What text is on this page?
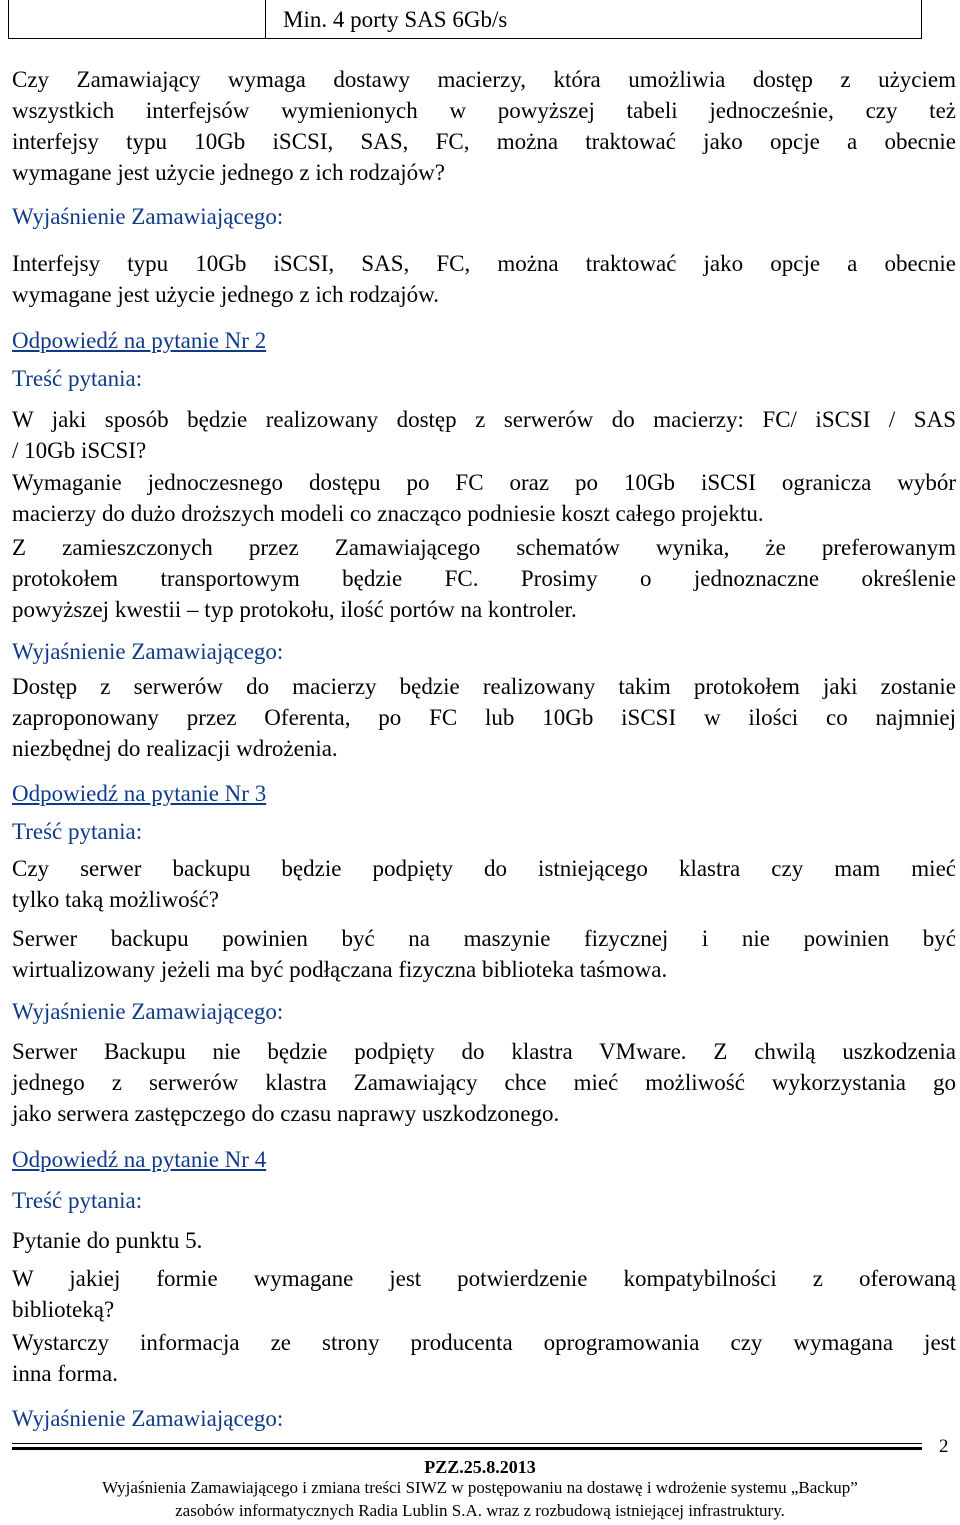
Min. 4 porty SAS 6Gb/s

Czy Zamawiający wymaga dostawy macierzy, która umożliwia dostęp z użyciem
wszystkich interfejsów wymienionych w powyższej tabeli jednocześnie, czy też
interfejsy typu 10Gb iSCSI, SAS, FC, można traktować jako opcje a obecnie
wymagane jest użycie jednego z ich rodzajów?

Wyjaśnienie Zamawiającego:

Interfejsy typu 10Gb iSCSI, SAS, FC, można traktować jako opcje a obecnie
wymagane jest użycie jednego z ich rodzajów.

Odpowiedź na pytanie Nr 2

Treść pytania:

W jaki sposób będzie realizowany dostęp z serwerów do macierzy: FC/ iSCSI / SAS
/ 10Gb iSCSI?

Wymaganie jednoczesnego dostępu po FC oraz po 10Gb iSCSI ogranicza wybór
macierzy do dużo droższych modeli co znacząco podniesie koszt całego projektu.

Z zamieszczonych przez Zamawiającego schematów wynika, że preferowanym
protokołem transportowym będzie FC. Prosimy o jednoznaczne określenie
powyższej kwestii – typ protokołu, ilość portów na kontroler.

Wyjaśnienie Zamawiającego:

Dostęp z serwerów do macierzy będzie realizowany takim protokołem jaki zostanie
zaproponowany przez Oferenta, po FC lub 10Gb iSCSI w ilości co najmniej
niezbędnej do realizacji wdrożenia.

Odpowiedź na pytanie Nr 3

Treść pytania:

Czy serwer backupu będzie podpięty do istniejącego klastra czy mam mieć
tylko taką możliwość?

Serwer backupu powinien być na maszynie fizycznej i nie powinien być
wirtualizowany jeżeli ma być podłączana fizyczna biblioteka taśmowa.

Wyjaśnienie Zamawiającego:

Serwer Backupu nie będzie podpięty do klastra VMware. Z chwilą uszkodzenia
jednego z serwerów klastra Zamawiający chce mieć możliwość wykorzystania go
jako serwera zastępczego do czasu naprawy uszkodzonego.

Odpowiedź na pytanie Nr 4

Treść pytania:

Pytanie do punktu 5.

W jakiej formie wymagane jest potwierdzenie kompatybilności z oferowaną
biblioteką?

Wystarczy informacja ze strony producenta oprogramowania czy wymagana jest
inna forma.

Wyjaśnienie Zamawiającego:

2
PZZ.25.8.2013
Wyjaśnienia Zamawiającego i zmiana treści SIWZ w postępowaniu na dostawę i wdrożenie systemu „Backup”
zasobów informatycznych Radia Lublin S.A. wraz z rozbudową istniejącej infrastruktury.
